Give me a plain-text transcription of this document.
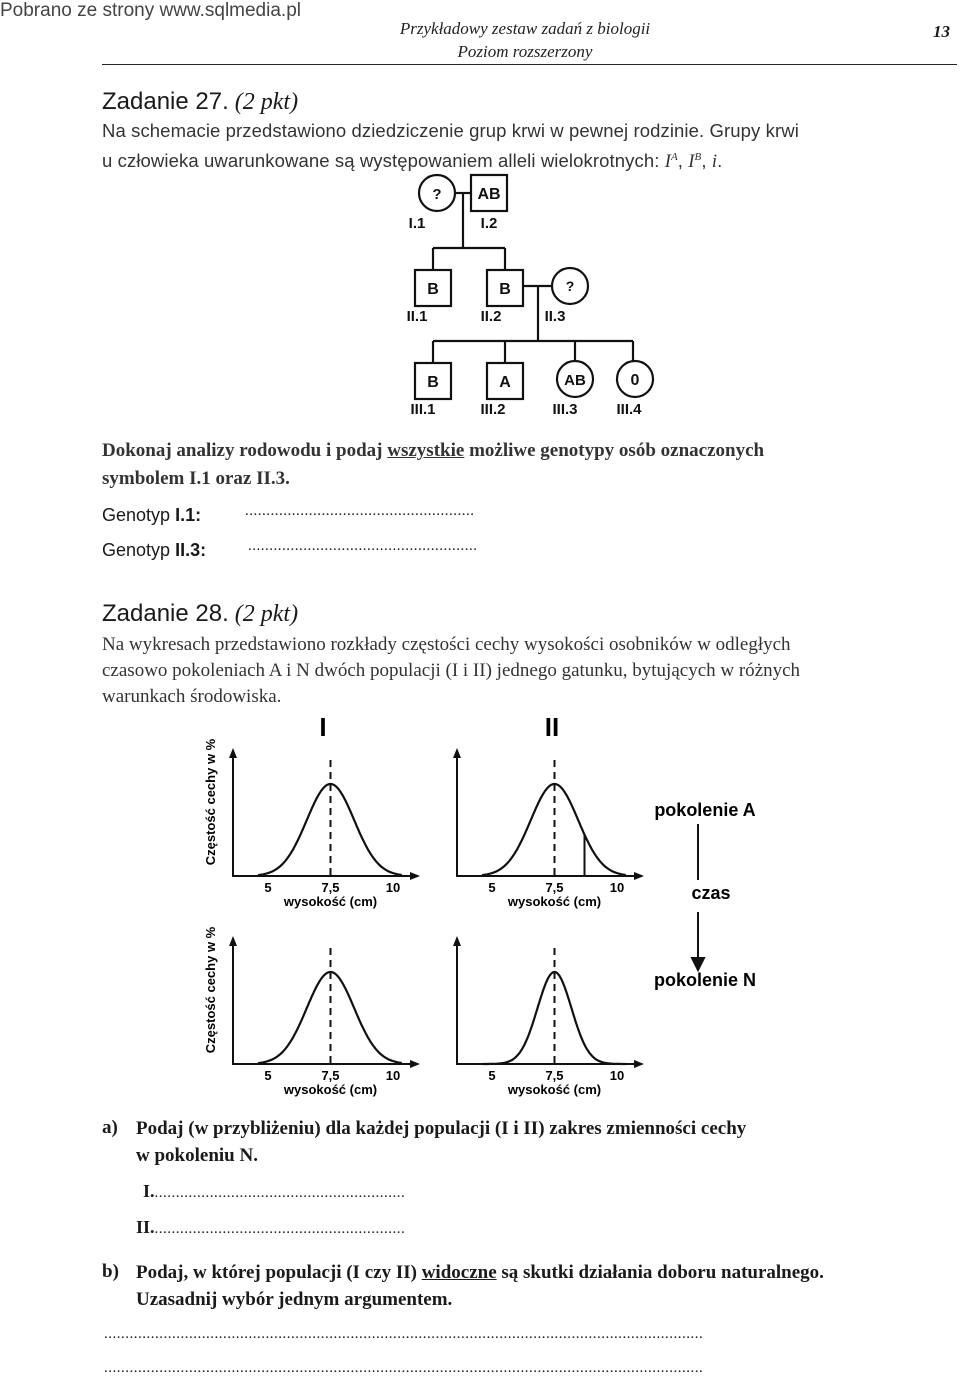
Pobrano ze strony www.sqlmedia.pl
Przykładowy zestaw zadań z biologii
Poziom rozszerzony
13
Zadanie 27. (2 pkt)
Na schemacie przedstawiono dziedziczenie grup krwi w pewnej rodzinie. Grupy krwi
u człowieka uwarunkowane są występowaniem alleli wielokrotnych: $I^A$, $I^B$, i.
? AB
I.1	I.2
B	B	?
II.1	II.2	II.3
B	A	AB	0
III.1	III.2	III.3	III.4
Dokonaj analizy rodowodu i podaj wszystkie możliwe genotypy osób oznaczonych
symbolem I.1 oraz II.3.
Genotyp I.1:	......................................................
Genotyp II.3:	......................................................
Zadanie 28. (2 pkt)
Na wykresach przedstawiono rozkłady częstości cechy wysokości osobników w odległych
czasowo pokoleniach A i N dwóch populacji (I i II) jednego gatunku, bytujących w różnych
warunkach środowiska.
I	II
Częstość cechy w %
Częstość cechy w %
5	7,5	10
wysokość (cm)
5	7,5	10
wysokość (cm)
5	7,5	10
wysokość (cm)
5	7,5	10
wysokość (cm)
pokolenie A
czas
pokolenie N
a) Podaj (w przybliżeniu) dla każdej populacji (I i II) zakres zmienności cechy
w pokoleniu N.
I............................................................
II............................................................
b) Podaj, w której populacji (I czy II) widoczne są skutki działania doboru naturalnego.
Uzasadnij wybór jednym argumentem.
.............................................................................................................................................
.............................................................................................................................................
